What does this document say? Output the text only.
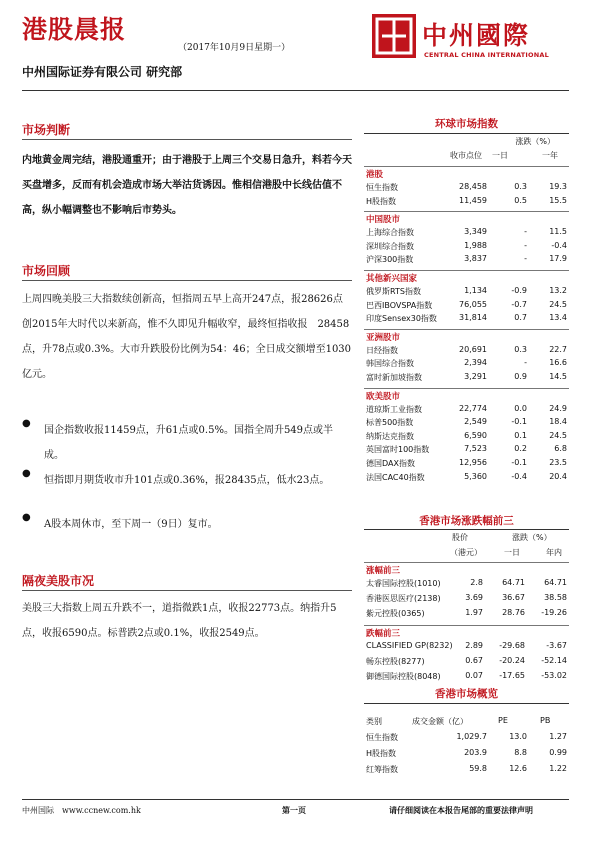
港股晨报
（2017年10月9日星期一）
中州国际证券有限公司 研究部
中州國際
CENTRAL CHINA INTERNATIONAL
市场判断
内地黄金周完结，港股通重开；由于港股于上周三个交易日急升，料若今天买盘增多，反而有机会造成市场大举沽货诱因。惟相信港股中长线估值不高，纵小幅调整也不影响后市势头。
市场回顾
上周四晚美股三大指数续创新高，恒指周五早上高开247点，报28626点创2015年大时代以来新高，惟不久即见升幅收窄，最终恒指收报　28458点，升78点或0.3%。大市升跌股份比例为54：46；全日成交额增至1030亿元。
●
国企指数收报11459点，升61点或0.5%。国指全周升549点或半成。
●
恒指即月期货收市升101点或0.36%，报28435点，低水23点。
●
A股本周休市，至下周一（9日）复市。
隔夜美股市况
美股三大指数上周五升跌不一，道指微跌1点，收报22773点。纳指升5点，收报6590点。标普跌2点或0.1%，收报2549点。
环球市场指数
涨跌（%）
收市点位 一日	一年
港股
恒生指数	28,458	0.3	19.3
H股指数	11,459	0.5	15.5
中国股市
上海综合指数	3,349	-	11.5
深圳综合指数	1,988	-	-0.4
沪深300指数	3,837	-	17.9
其他新兴国家
俄罗斯RTS指数	1,134	-0.9	13.2
巴西IBOVSPA指数	76,055	-0.7	24.5
印度Sensex30指数	31,814	0.7	13.4
亚洲股市
日经指数	20,691	0.3	22.7
韩国综合指数	2,394	-	16.6
富时新加坡指数	3,291	0.9	14.5
欧美股市
道琼斯工业指数	22,774	0.0	24.9
标普500指数	2,549	-0.1	18.4
纳斯达克指数	6,590	0.1	24.5
英国富时100指数	7,523	0.2	6.8
德国DAX指数	12,956	-0.1	23.5
法国CAC40指数	5,360	-0.4	20.4
香港市场涨跌幅前三
股价	涨跌（%）
（港元）	一日	年内
涨幅前三
太睿国际控股(1010)	2.8 64.71 64.71
香港医思医疗(2138)	3.69 36.67 38.58
紫元控股(0365)	1.97 28.76 -19.26
跌幅前三
CLASSIFIED GP(8232) 2.89 -29.68	-3.67
畅东控股(8277)	0.67 -20.24 -52.14
御德国际控股(8048)	0.07 -17.65 -53.02
香港市场概览
类别	成交金额（亿）	PE	PB
恒生指数	1,029.7	13.0	1.27
H股指数	203.9	8.8	0.99
红筹指数	59.8	12.6	1.22
中州国际　www.ccnew.com.hk	第一页	请仔细阅读在本报告尾部的重要法律声明
